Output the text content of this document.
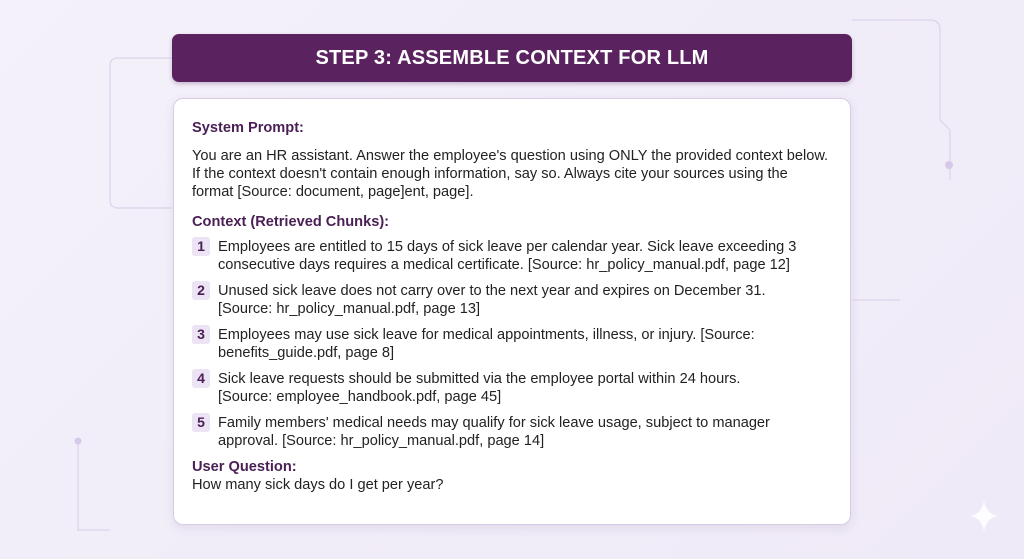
STEP 3: ASSEMBLE CONTEXT FOR LLM
System Prompt:
You are an HR assistant. Answer the employee's question using ONLY the provided context below.
If the context doesn't contain enough information, say so. Always cite your sources using the
format [Source: document, page]ent, page].
Context (Retrieved Chunks):
1 Employees are entitled to 15 days of sick leave per calendar year. Sick leave exceeding 3
consecutive days requires a medical certificate. [Source: hr_policy_manual.pdf, page 12]
2 Unused sick leave does not carry over to the next year and expires on December 31.
[Source: hr_policy_manual.pdf, page 13]
3 Employees may use sick leave for medical appointments, illness, or injury. [Source:
benefits_guide.pdf, page 8]
4 Sick leave requests should be submitted via the employee portal within 24 hours.
[Source: employee_handbook.pdf, page 45]
5 Family members' medical needs may qualify for sick leave usage, subject to manager
approval. [Source: hr_policy_manual.pdf, page 14]
User Question:
How many sick days do I get per year?
